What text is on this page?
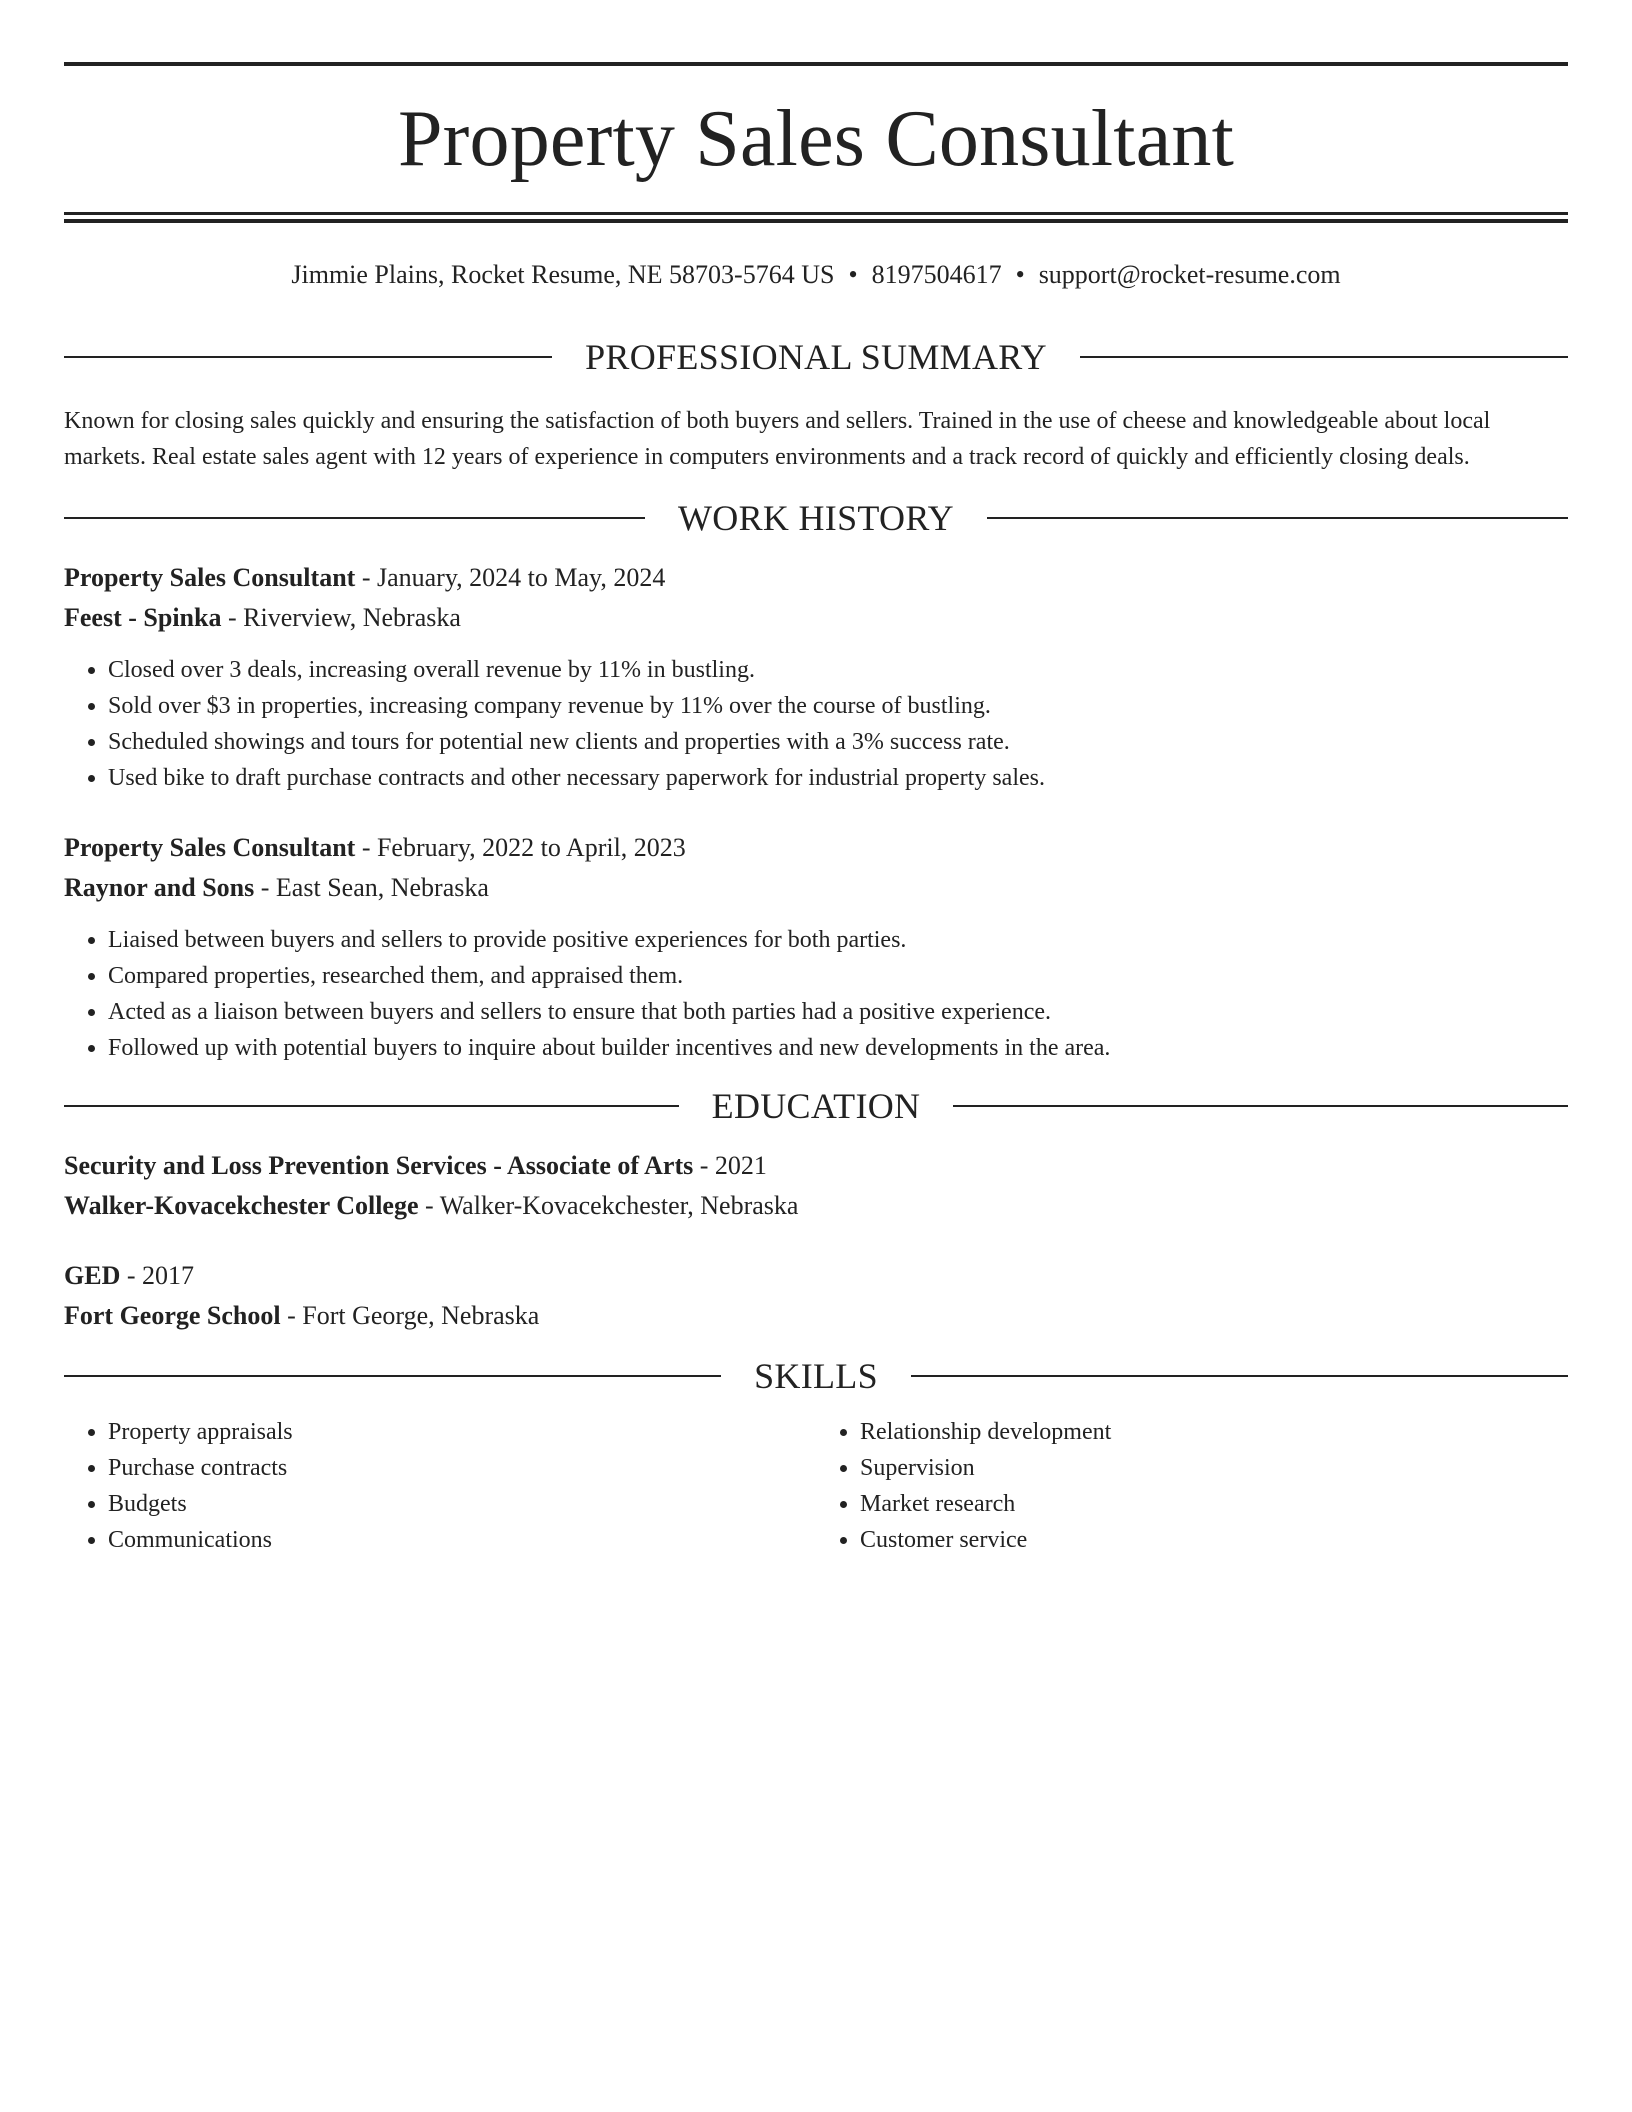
Property Sales Consultant
Jimmie Plains, Rocket Resume, NE 58703-5764 US • 8197504617 • support@rocket-resume.com
PROFESSIONAL SUMMARY
Known for closing sales quickly and ensuring the satisfaction of both buyers and sellers. Trained in the use of cheese and knowledgeable about local markets. Real estate sales agent with 12 years of experience in computers environments and a track record of quickly and efficiently closing deals.
WORK HISTORY
Property Sales Consultant - January, 2024 to May, 2024
Feest - Spinka - Riverview, Nebraska
• Closed over 3 deals, increasing overall revenue by 11% in bustling.
• Sold over $3 in properties, increasing company revenue by 11% over the course of bustling.
• Scheduled showings and tours for potential new clients and properties with a 3% success rate.
• Used bike to draft purchase contracts and other necessary paperwork for industrial property sales.
Property Sales Consultant - February, 2022 to April, 2023
Raynor and Sons - East Sean, Nebraska
• Liaised between buyers and sellers to provide positive experiences for both parties.
• Compared properties, researched them, and appraised them.
• Acted as a liaison between buyers and sellers to ensure that both parties had a positive experience.
• Followed up with potential buyers to inquire about builder incentives and new developments in the area.
EDUCATION
Security and Loss Prevention Services - Associate of Arts - 2021
Walker-Kovacekchester College - Walker-Kovacekchester, Nebraska
GED - 2017
Fort George School - Fort George, Nebraska
SKILLS
• Property appraisals
• Purchase contracts
• Budgets
• Communications
• Relationship development
• Supervision
• Market research
• Customer service
